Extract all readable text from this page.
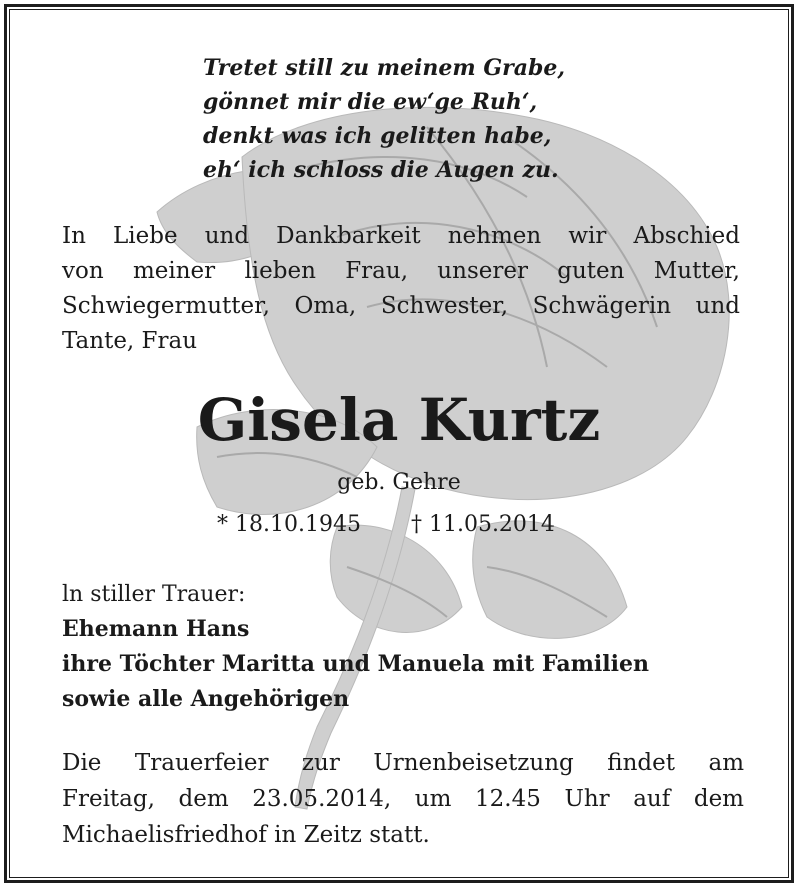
Tretet still zu meinem Grabe,
gönnet mir die ew‘ge Ruh‘,
denkt was ich gelitten habe,
eh‘ ich schloss die Augen zu.
In Liebe und Dankbarkeit nehmen wir Abschied
von meiner lieben Frau, unserer guten Mutter,
Schwiegermutter, Oma, Schwester, Schwägerin und
Tante, Frau
Gisela Kurtz
geb. Gehre
* 18.10.1945 † 11.05.2014
ln stiller Trauer:
Ehemann Hans
ihre Töchter Maritta und Manuela mit Familien
sowie alle Angehörigen
Die Trauerfeier zur Urnenbeisetzung findet am
Freitag, dem 23.05.2014, um 12.45 Uhr auf dem
Michaelisfriedhof in Zeitz statt.
